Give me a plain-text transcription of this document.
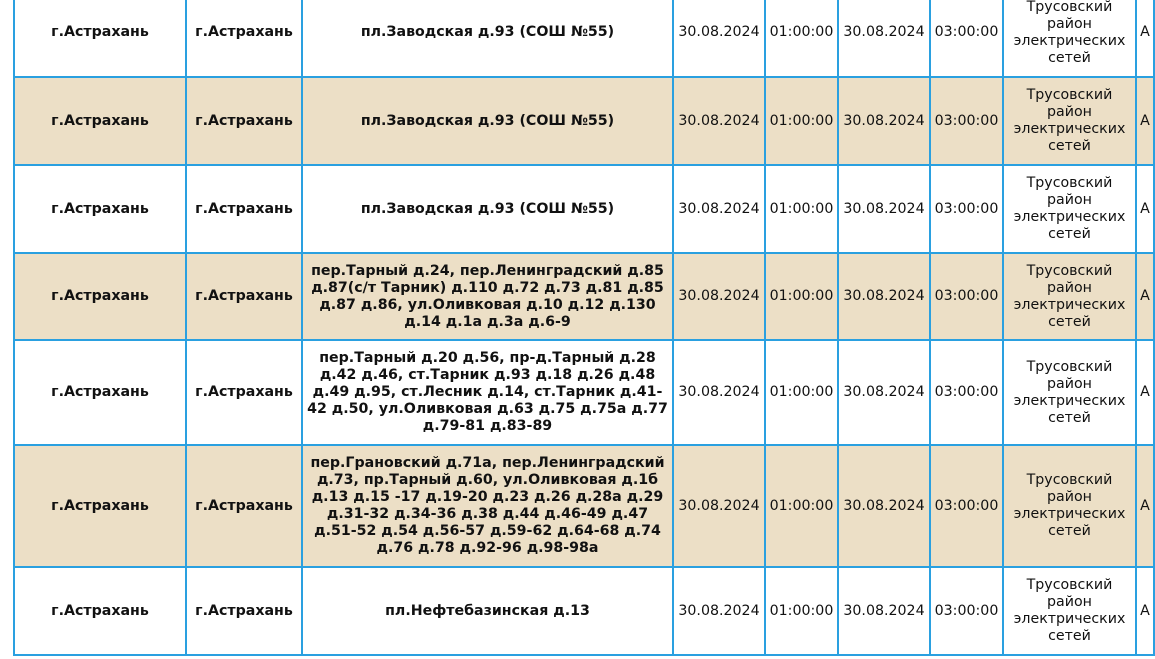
г.Астрахань	г.Астрахань	пл.Заводская д.93 (СОШ №55)	30.08.2024	01:00:00	30.08.2024	03:00:00	Трусовский район электрических сетей	А
г.Астрахань	г.Астрахань	пл.Заводская д.93 (СОШ №55)	30.08.2024	01:00:00	30.08.2024	03:00:00	Трусовский район электрических сетей	А
г.Астрахань	г.Астрахань	пл.Заводская д.93 (СОШ №55)	30.08.2024	01:00:00	30.08.2024	03:00:00	Трусовский район электрических сетей	А
г.Астрахань	г.Астрахань	пер.Тарный д.24, пер.Ленинградский д.85 д.87(с/т Тарник) д.110 д.72 д.73 д.81 д.85 д.87 д.86, ул.Оливковая д.10 д.12 д.130 д.14 д.1а д.3а д.6-9	30.08.2024	01:00:00	30.08.2024	03:00:00	Трусовский район электрических сетей	А
г.Астрахань	г.Астрахань	пер.Тарный д.20 д.56, пр-д.Тарный д.28 д.42 д.46, ст.Тарник д.93 д.18 д.26 д.48 д.49 д.95, ст.Лесник д.14, ст.Тарник д.41-42 д.50, ул.Оливковая д.63 д.75 д.75а д.77 д.79-81 д.83-89	30.08.2024	01:00:00	30.08.2024	03:00:00	Трусовский район электрических сетей	А
г.Астрахань	г.Астрахань	пер.Грановский д.71а, пер.Ленинградский д.73, пр.Тарный д.60, ул.Оливковая д.1б д.13 д.15 -17 д.19-20 д.23 д.26 д.28а д.29 д.31-32 д.34-36 д.38 д.44 д.46-49 д.47 д.51-52 д.54 д.56-57 д.59-62 д.64-68 д.74 д.76 д.78 д.92-96 д.98-98а	30.08.2024	01:00:00	30.08.2024	03:00:00	Трусовский район электрических сетей	А
г.Астрахань	г.Астрахань	пл.Нефтебазинская д.13	30.08.2024	01:00:00	30.08.2024	03:00:00	Трусовский район электрических сетей	А
